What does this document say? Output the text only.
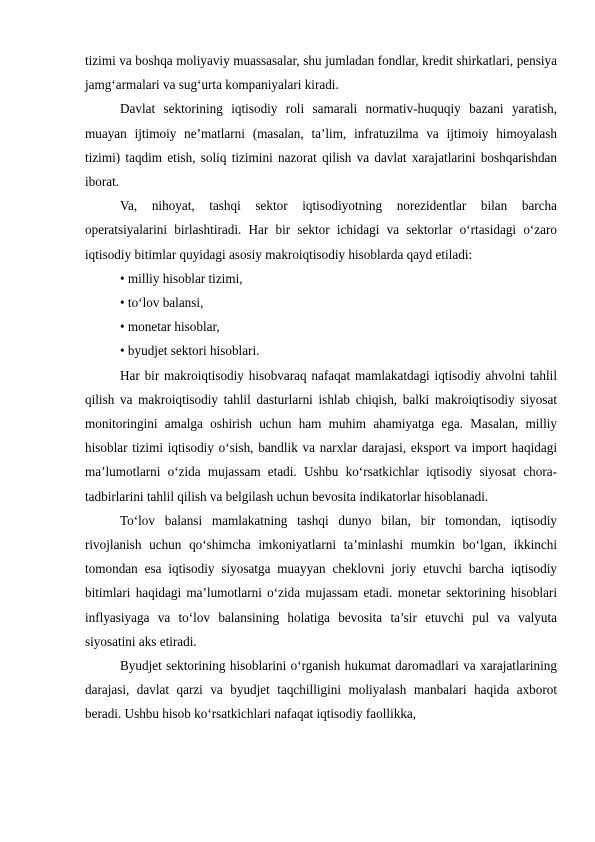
tizimi va boshqa moliyaviy muassasalar, shu jumladan fondlar, kredit shirkatlari, pensiya jamg‘armalari va sug‘urta kompaniyalari kiradi.

Davlat sektorining iqtisodiy roli samarali normativ-huquqiy bazani yaratish, muayan ijtimoiy ne’matlarni (masalan, ta’lim, infratuzilma va ijtimoiy himoyalash tizimi) taqdim etish, soliq tizimini nazorat qilish va davlat xarajatlarini boshqarishdan iborat.

Va, nihoyat, tashqi sektor iqtisodiyotning norezidentlar bilan barcha operatsiyalarini birlashtiradi. Har bir sektor ichidagi va sektorlar o‘rtasidagi o‘zaro iqtisodiy bitimlar quyidagi asosiy makroiqtisodiy hisoblarda qayd etiladi:

• milliy hisoblar tizimi,

• to‘lov balansi,

• monetar hisoblar,

• byudjet sektori hisoblari.

Har bir makroiqtisodiy hisobvaraq nafaqat mamlakatdagi iqtisodiy ahvolni tahlil qilish va makroiqtisodiy tahlil dasturlarni ishlab chiqish, balki makroiqtisodiy siyosat monitoringini amalga oshirish uchun ham muhim ahamiyatga ega. Masalan, milliy hisoblar tizimi iqtisodiy o‘sish, bandlik va narxlar darajasi, eksport va import haqidagi ma’lumotlarni o‘zida mujassam etadi. Ushbu ko‘rsatkichlar iqtisodiy siyosat chora-tadbirlarini tahlil qilish va belgilash uchun bevosita indikatorlar hisoblanadi.

To‘lov balansi mamlakatning tashqi dunyo bilan, bir tomondan, iqtisodiy rivojlanish uchun qo‘shimcha imkoniyatlarni ta’minlashi mumkin bo‘lgan, ikkinchi tomondan esa iqtisodiy siyosatga muayyan cheklovni joriy etuvchi barcha iqtisodiy bitimlari haqidagi ma’lumotlarni o‘zida mujassam etadi. monetar sektorining hisoblari inflyasiyaga va to‘lov balansining holatiga bevosita ta’sir etuvchi pul va valyuta siyosatini aks etiradi.

Byudjet sektorining hisoblarini o‘rganish hukumat daromadlari va xarajatlarining darajasi, davlat qarzi va byudjet taqchilligini moliyalash manbalari haqida axborot beradi. Ushbu hisob ko‘rsatkichlari nafaqat iqtisodiy faollikka,
